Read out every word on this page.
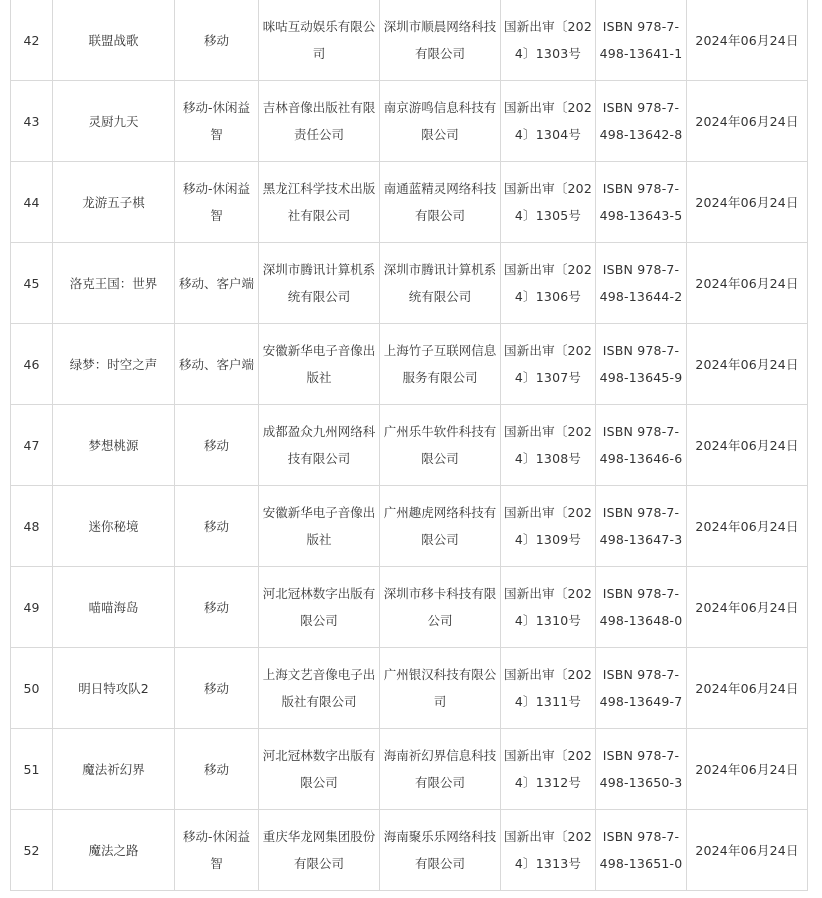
42	联盟战歌	移动	咪咕互动娱乐有限公司	深圳市顺晨网络科技有限公司	国新出审〔2024〕1303号	ISBN 978-7-498-13641-1	2024年06月24日
43	灵厨九天	移动-休闲益智	吉林音像出版社有限责任公司	南京游鸣信息科技有限公司	国新出审〔2024〕1304号	ISBN 978-7-498-13642-8	2024年06月24日
44	龙游五子棋	移动-休闲益智	黑龙江科学技术出版社有限公司	南通蓝精灵网络科技有限公司	国新出审〔2024〕1305号	ISBN 978-7-498-13643-5	2024年06月24日
45	洛克王国：世界	移动、客户端	深圳市腾讯计算机系统有限公司	深圳市腾讯计算机系统有限公司	国新出审〔2024〕1306号	ISBN 978-7-498-13644-2	2024年06月24日
46	绿梦：时空之声	移动、客户端	安徽新华电子音像出版社	上海竹子互联网信息服务有限公司	国新出审〔2024〕1307号	ISBN 978-7-498-13645-9	2024年06月24日
47	梦想桃源	移动	成都盈众九州网络科技有限公司	广州乐牛软件科技有限公司	国新出审〔2024〕1308号	ISBN 978-7-498-13646-6	2024年06月24日
48	迷你秘境	移动	安徽新华电子音像出版社	广州趣虎网络科技有限公司	国新出审〔2024〕1309号	ISBN 978-7-498-13647-3	2024年06月24日
49	喵喵海岛	移动	河北冠林数字出版有限公司	深圳市移卡科技有限公司	国新出审〔2024〕1310号	ISBN 978-7-498-13648-0	2024年06月24日
50	明日特攻队2	移动	上海文艺音像电子出版社有限公司	广州银汉科技有限公司	国新出审〔2024〕1311号	ISBN 978-7-498-13649-7	2024年06月24日
51	魔法祈幻界	移动	河北冠林数字出版有限公司	海南祈幻界信息科技有限公司	国新出审〔2024〕1312号	ISBN 978-7-498-13650-3	2024年06月24日
52	魔法之路	移动-休闲益智	重庆华龙网集团股份有限公司	海南聚乐乐网络科技有限公司	国新出审〔2024〕1313号	ISBN 978-7-498-13651-0	2024年06月24日
